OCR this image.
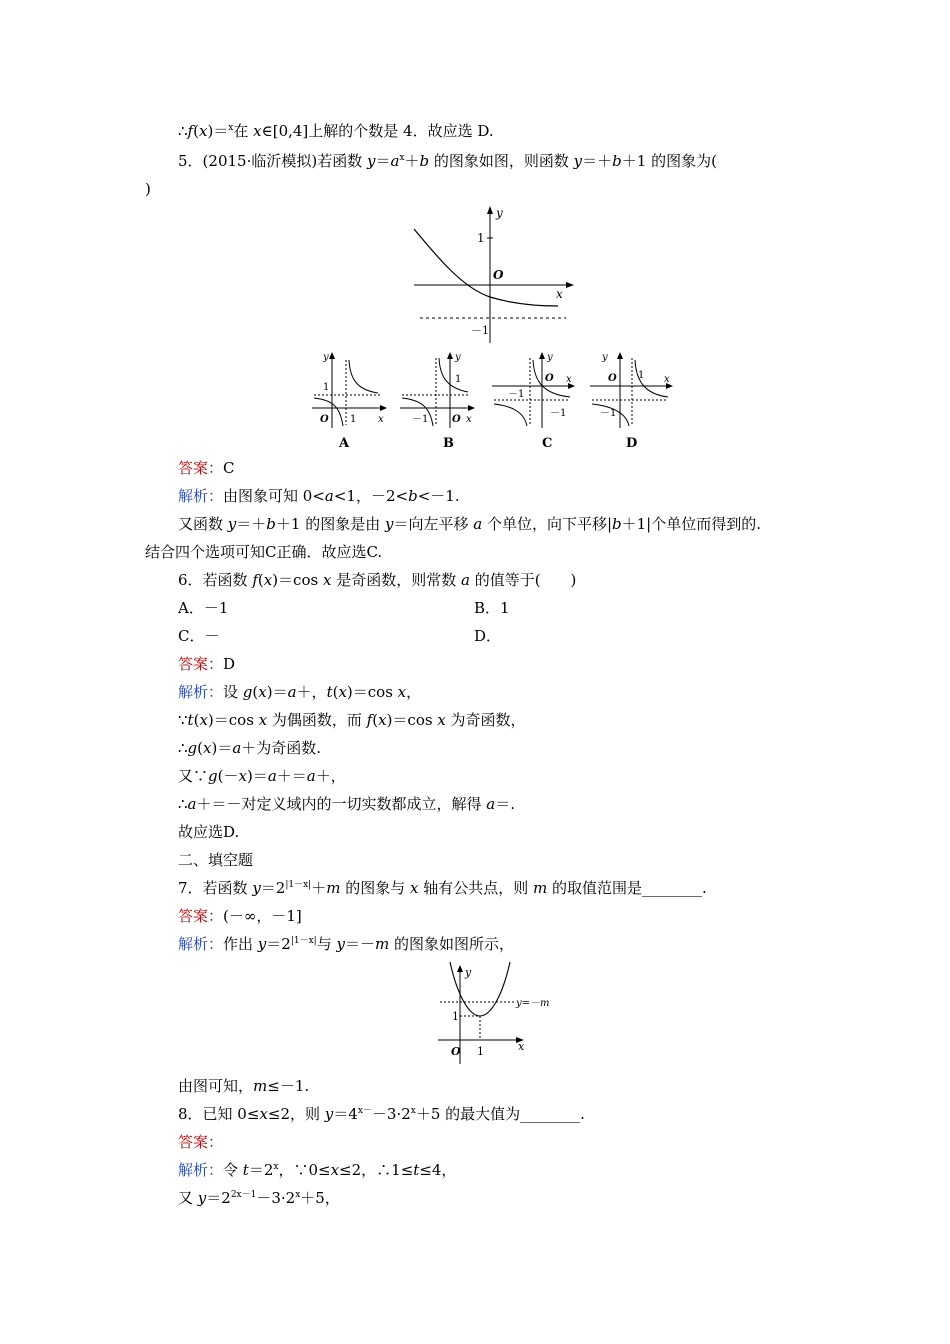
∴f(x)＝$^x$在 x∈[0,4]上解的个数是 4．故应选 D.
5．(2015·临沂模拟)若函数 $y=a^x+b$ 的图象如图，则函数 y＝＋b＋1 的图象为(
)
y
1
O
x
－1
y
1
O 1 x
A
y
1
－1 O x
B
y
－1
O x
－1
C
y
1
O	x
－1
D
答案：C
解析：由图象可知 0<a<1，－2<b<－1.
又函数 y＝＋b＋1 的图象是由 y＝向左平移 a 个单位，向下平移|b＋1|个单位而得到的.
结合四个选项可知C正确．故应选C.
6．若函数 f(x)＝cos x 是奇函数，则常数 a 的值等于(　　)
A．－1	B．1
C．－	D．
答案：D
解析：设 g(x)＝a＋，t(x)＝cos x，
∵t(x)＝cos x 为偶函数，而 f(x)＝cos x 为奇函数，
∴g(x)＝a＋为奇函数.
又∵g(－x)＝a＋＝a＋，
∴a＋＝－对定义域内的一切实数都成立，解得 a＝.
故应选D.
二、填空题
7．若函数 $y=2^{|1-x|}+m$ 的图象与 x 轴有公共点，则 m 的取值范围是________.
答案：(－∞，－1]
解析：作出 $y=2^{|1-x|}$与 y＝－m 的图象如图所示，
y
1
O 1	x
y=－m
由图可知，m≤－1.
8．已知 0≤x≤2，则 $y=4^{x-}-3\cdot 2^x+5$ 的最大值为________.
答案：
解析：令 $t=2^x$，∵0≤x≤2，∴1≤t≤4，
又 $y=2^{2x-1}-3\cdot 2^x+5$，
